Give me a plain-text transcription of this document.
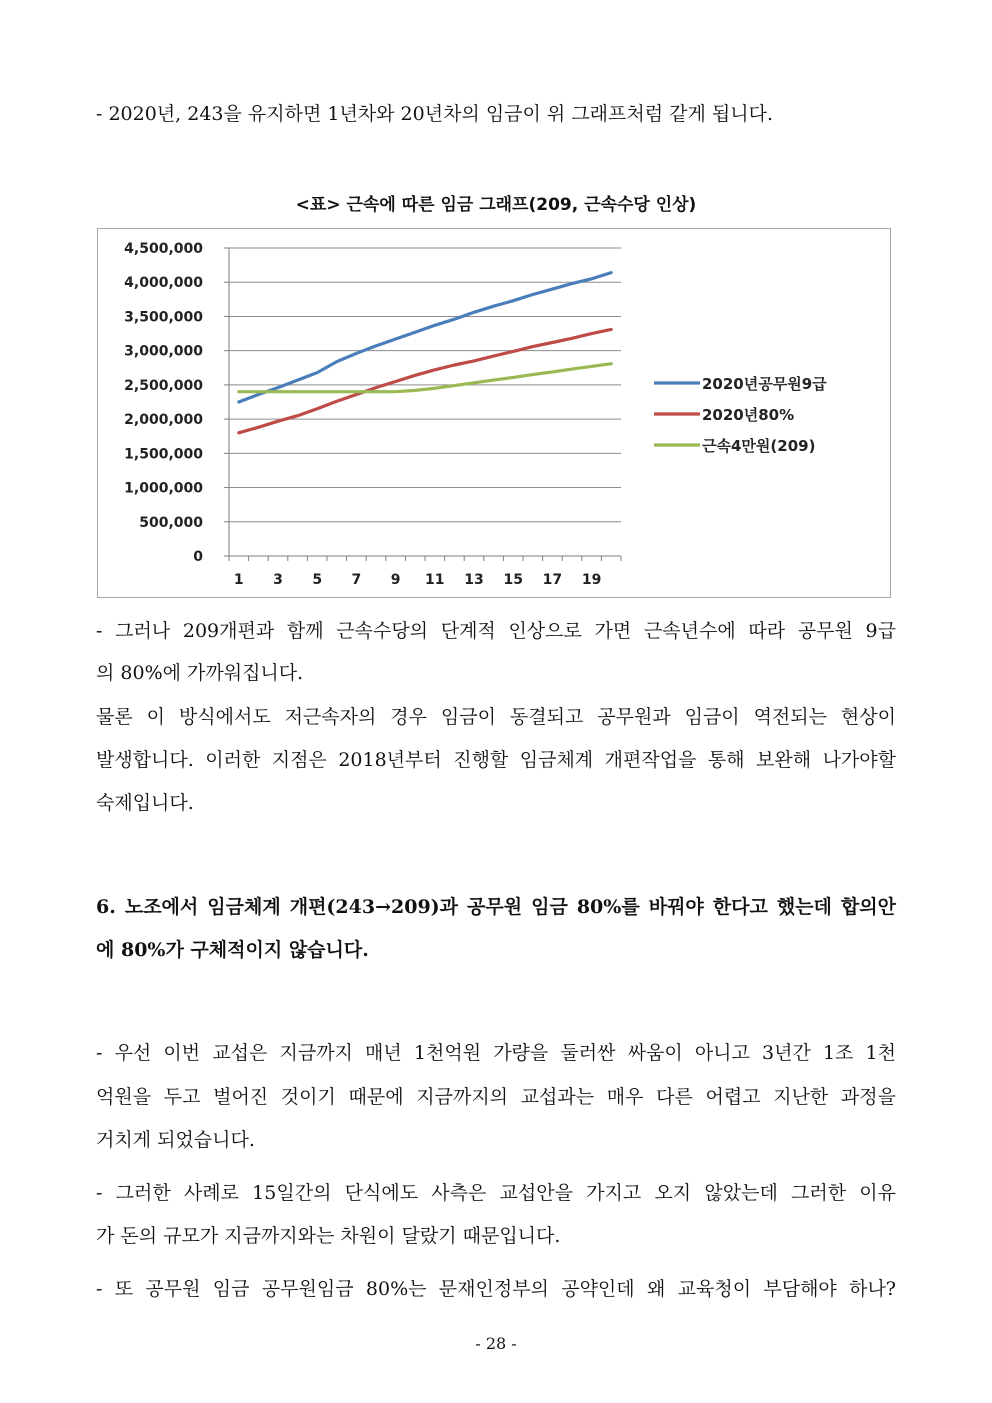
- 2020년, 243을 유지하면 1년차와 20년차의 임금이 위 그래프처럼 같게 됩니다.
<표> 근속에 따른 임금 그래프(209, 근속수당 인상)
0
500,000
1,000,000
1,500,000
2,000,000
2,500,000
3,000,000
3,500,000
4,000,000
4,500,000
1 3 5 7 9 11 13 15 17 19
2020년공무원9급
2020년80%
근속4만원(209)
- 그러나 209개편과 함께 근속수당의 단계적 인상으로 가면 근속년수에 따라 공무원 9급
의 80%에 가까워집니다.
물론 이 방식에서도 저근속자의 경우 임금이 동결되고 공무원과 임금이 역전되는 현상이
발생합니다. 이러한 지점은 2018년부터 진행할 임금체계 개편작업을 통해 보완해 나가야할
숙제입니다.
6. 노조에서 임금체계 개편(243→209)과 공무원 임금 80%를 바꿔야 한다고 했는데 합의안
에 80%가 구체적이지 않습니다.
- 우선 이번 교섭은 지금까지 매년 1천억원 가량을 둘러싼 싸움이 아니고 3년간 1조 1천
억원을 두고 벌어진 것이기 때문에 지금까지의 교섭과는 매우 다른 어렵고 지난한 과정을
거치게 되었습니다.
- 그러한 사례로 15일간의 단식에도 사측은 교섭안을 가지고 오지 않았는데 그러한 이유
가 돈의 규모가 지금까지와는 차원이 달랐기 때문입니다.
- 또 공무원 임금 공무원임금 80%는 문재인정부의 공약인데 왜 교육청이 부담해야 하나?
- 28 -
